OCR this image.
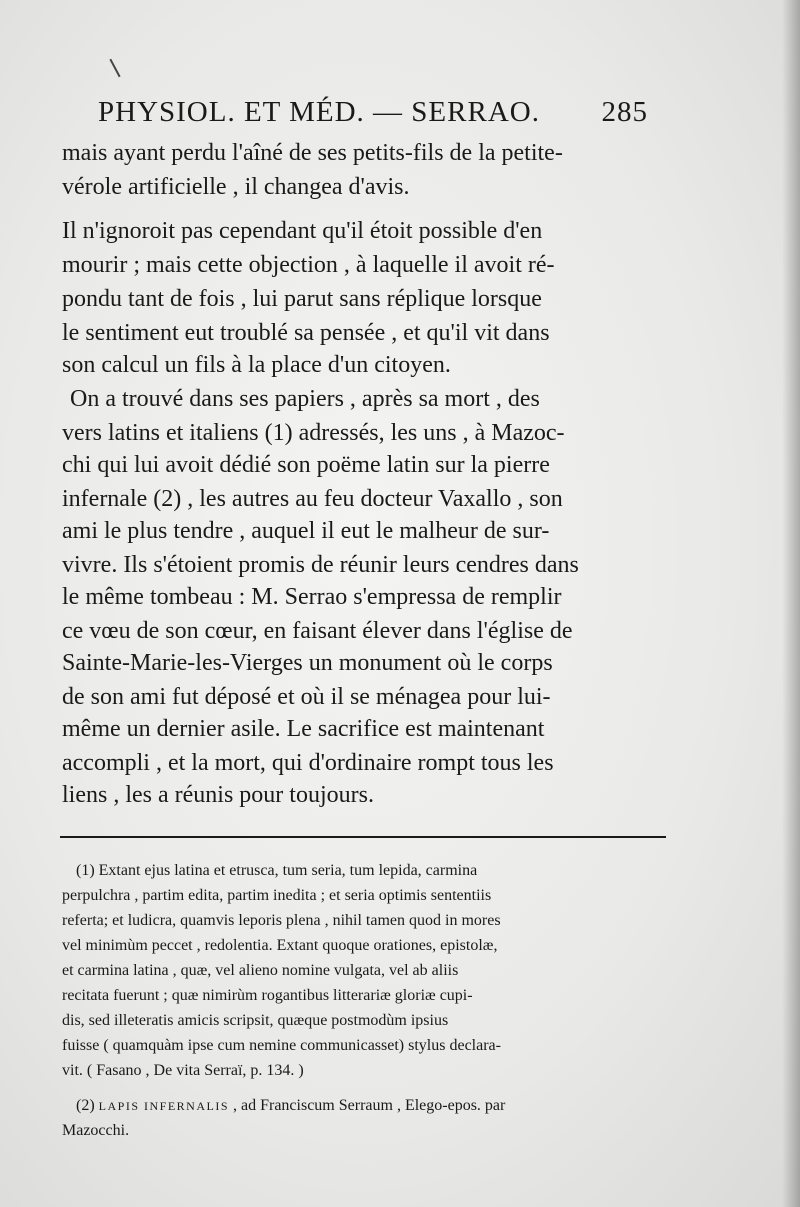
PHYSIOL. ET MÉD. — SERRAO. 285
mais ayant perdu l'aîné de ses petits-fils de la petite-
vérole artificielle , il changea d'avis.
Il n'ignoroit pas cependant qu'il étoit possible d'en
mourir ; mais cette objection , à laquelle il avoit ré-
pondu tant de fois , lui parut sans réplique lorsque
le sentiment eut troublé sa pensée , et qu'il vit dans
son calcul un fils à la place d'un citoyen.
On a trouvé dans ses papiers , après sa mort , des
vers latins et italiens (1) adressés, les uns , à Mazoc-
chi qui lui avoit dédié son poëme latin sur la pierre
infernale (2) , les autres au feu docteur Vaxallo , son
ami le plus tendre , auquel il eut le malheur de sur-
vivre. Ils s'étoient promis de réunir leurs cendres dans
le même tombeau : M. Serrao s'empressa de remplir
ce vœu de son cœur, en faisant élever dans l'église de
Sainte-Marie-les-Vierges un monument où le corps
de son ami fut déposé et où il se ménagea pour lui-
même un dernier asile. Le sacrifice est maintenant
accompli , et la mort, qui d'ordinaire rompt tous les
liens , les a réunis pour toujours.
(1) Extant ejus latina et etrusca, tum seria, tum lepida, carmina
perpulchra , partim edita, partim inedita ; et seria optimis sententiis
referta; et ludicra, quamvis leporis plena , nihil tamen quod in mores
vel minimùm peccet , redolentia. Extant quoque orationes, epistolæ,
et carmina latina , quæ, vel alieno nomine vulgata, vel ab aliis
recitata fuerunt ; quæ nimirùm rogantibus litterariæ gloriæ cupi-
dis, sed illeteratis amicis scripsit, quæque postmodùm ipsius
fuisse ( quamquàm ipse cum nemine communicasset) stylus declara-
vit. ( Fasano , De vita Serraï, p. 134. )
(2) LAPIS INFERNALIS , ad Franciscum Serraum , Elego-epos. par
Mazocchi.
